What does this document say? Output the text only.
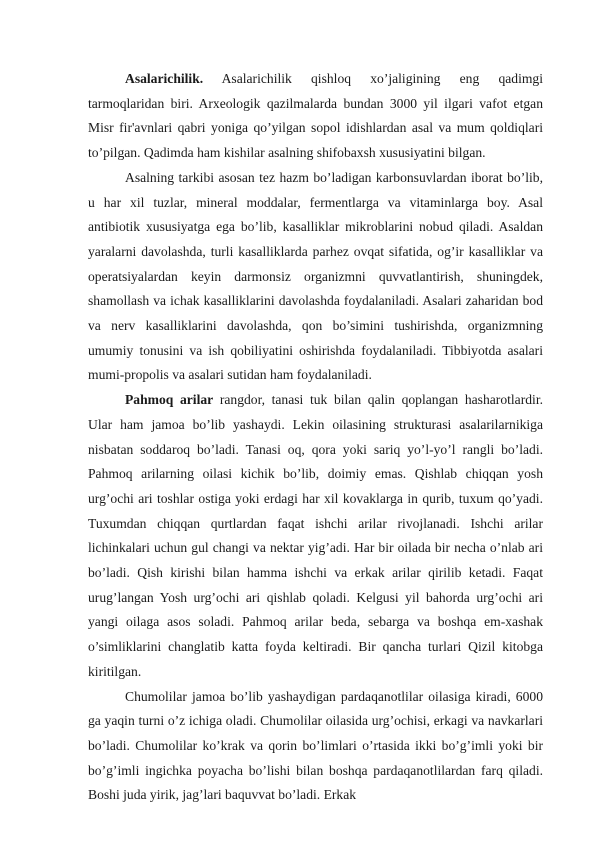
Asalarichilik. Asalarichilik qishloq xo’jaligining eng qadimgi tarmoqlaridan biri. Arxeologik qazilmalarda bundan 3000 yil ilgari vafot etgan Misr fir'avnlari qabri yoniga qo’yilgan sopol idishlardan asal va mum qoldiqlari to’pilgan. Qadimda ham kishilar asalning shifobaxsh xususiyatini bilgan.

Asalning tarkibi asosan tez hazm bo’ladigan karbonsuvlardan iborat bo’lib, u har xil tuzlar, mineral moddalar, fermentlarga va vitaminlarga boy. Asal antibiotik xususiyatga ega bo’lib, kasalliklar mikroblarini nobud qiladi. Asaldan yaralarni davolashda, turli kasalliklarda parhez ovqat sifatida, og’ir kasalliklar va operatsiyalardan keyin darmonsiz organizmni quvvatlantirish, shuningdek, shamollash va ichak kasalliklarini davolashda foydalaniladi. Asalari zaharidan bod va nerv kasalliklarini davolashda, qon bo’simini tushirishda, organizmning umumiy tonusini va ish qobiliyatini oshirishda foydalaniladi. Tibbiyotda asalari mumi-propolis va asalari sutidan ham foydalaniladi.

Pahmoq arilar rangdor, tanasi tuk bilan qalin qoplangan hasharotlardir. Ular ham jamoa bo’lib yashaydi. Lekin oilasining strukturasi asalarilarnikiga nisbatan soddaroq bo’ladi. Tanasi oq, qora yoki sariq yo’l-yo’l rangli bo’ladi. Pahmoq arilarning oilasi kichik bo’lib, doimiy emas. Qishlab chiqqan yosh urg’ochi ari toshlar ostiga yoki erdagi har xil kovaklarga in qurib, tuxum qo’yadi. Tuxumdan chiqqan qurtlardan faqat ishchi arilar rivojlanadi. Ishchi arilar lichinkalari uchun gul changi va nektar yig’adi. Har bir oilada bir necha o’nlab ari bo’ladi. Qish kirishi bilan hamma ishchi va erkak arilar qirilib ketadi. Faqat urug’langan Yosh urg’ochi ari qishlab qoladi. Kelgusi yil bahorda urg’ochi ari yangi oilaga asos soladi. Pahmoq arilar beda, sebarga va boshqa em-xashak o’simliklarini changlatib katta foyda keltiradi. Bir qancha turlari Qizil kitobga kiritilgan.

Chumolilar jamoa bo’lib yashaydigan pardaqanotlilar oilasiga kiradi, 6000 ga yaqin turni o’z ichiga oladi. Chumolilar oilasida urg’ochisi, erkagi va navkarlari bo’ladi. Chumolilar ko’krak va qorin bo’limlari o’rtasida ikki bo’g’imli yoki bir bo’g’imli ingichka poyacha bo’lishi bilan boshqa pardaqanotlilardan farq qiladi. Boshi juda yirik, jag’lari baquvvat bo’ladi. Erkak
